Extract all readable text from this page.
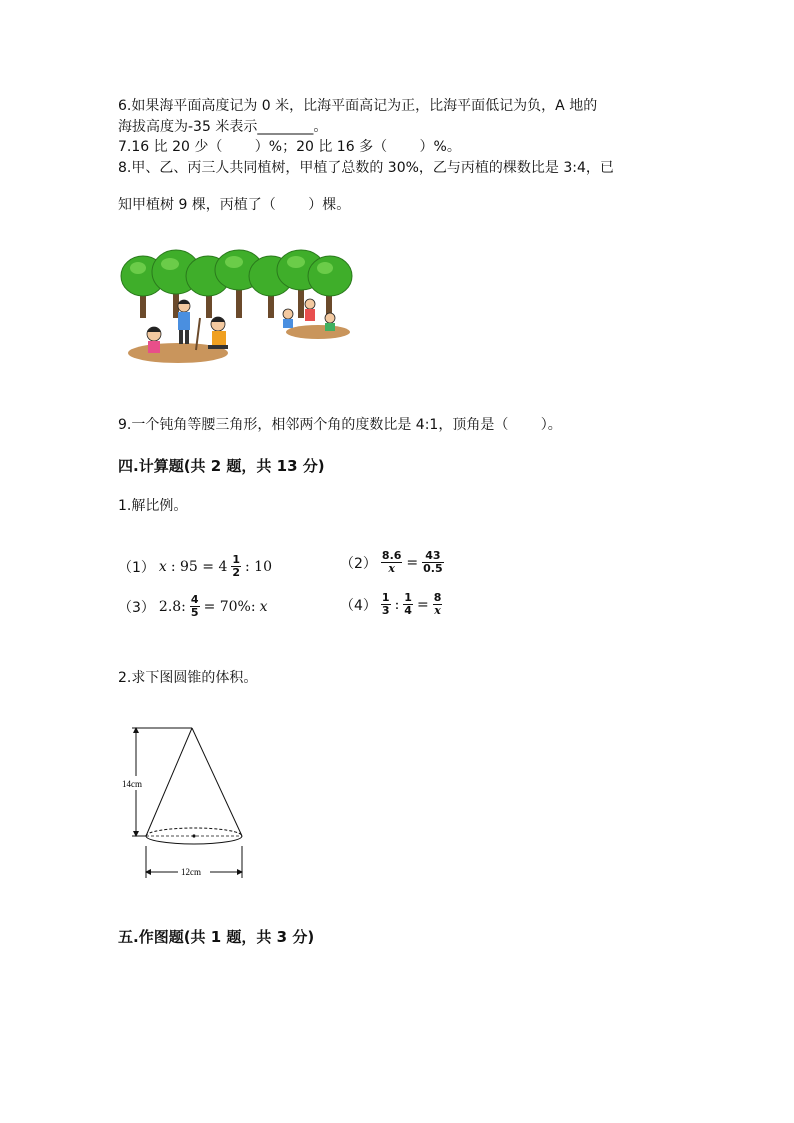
6.如果海平面高度记为 0 米，比海平面高记为正，比海平面低记为负，A 地的
海拔高度为-35 米表示________。
7.16 比 20 少（　　 ）%；20 比 16 多（　　 ）%。
8.甲、乙、丙三人共同植树，甲植了总数的 30%，乙与丙植的棵数比是 3:4，已
知甲植树 9 棵，丙植了（　　 ）棵。
9.一个钝角等腰三角形，相邻两个角的度数比是 4:1，顶角是（　　 ）。
四.计算题(共 2 题，共 13 分)
1.解比例。
（1） x : $95 = 4 \frac{1}{2}$ : 10	$(2) \frac{8.6}{x} = \frac{43}{0.5}$
（3） 2.8: $\frac{4}{5} = 70\%$: x	$(4) \frac{1}{3}$ : $\frac{1}{4} = \frac{8}{x}$
2.求下图圆锥的体积。
14cm
12cm
五.作图题(共 1 题，共 3 分)
